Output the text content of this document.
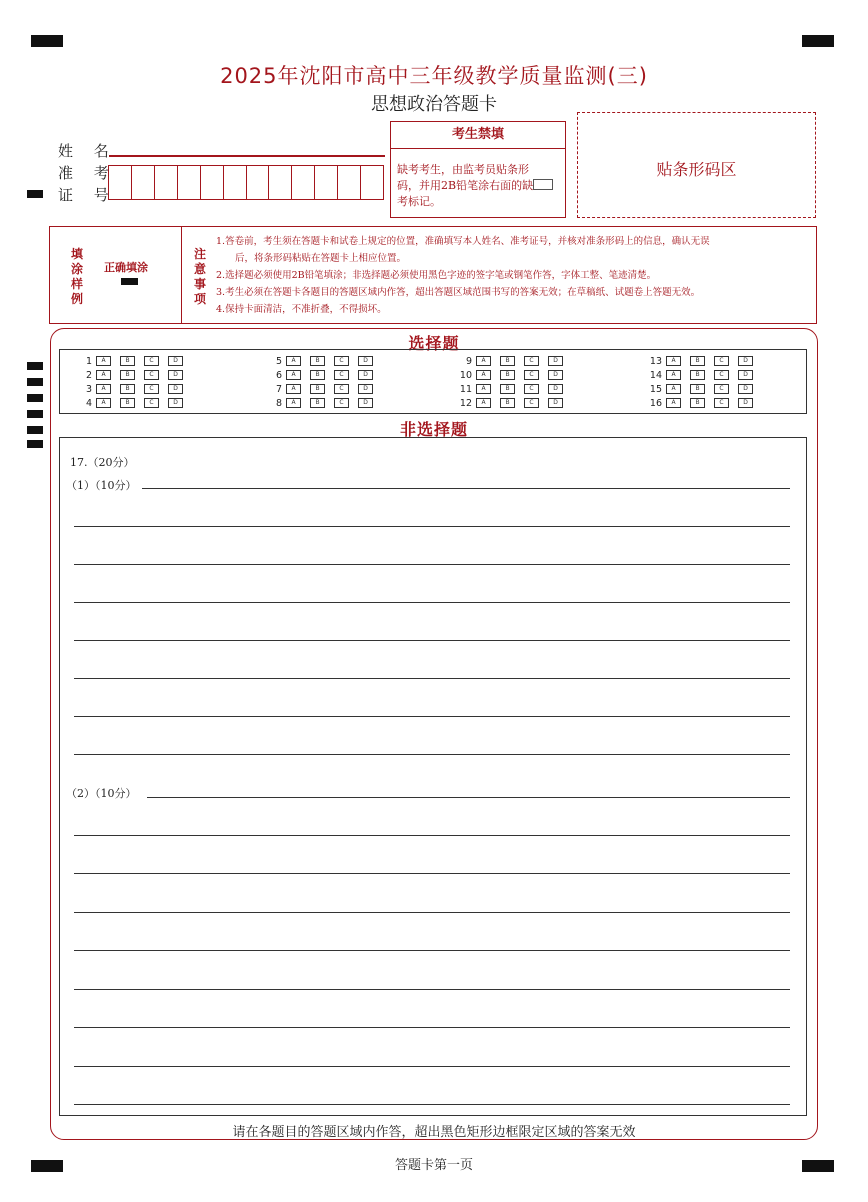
2025年沈阳市高中三年级教学质量监测(三)
思想政治答题卡
姓 名
准 考
证 号
考生禁填
缺考考生，由监考员贴条形码，并用2B铅笔涂右面的缺考标记。
贴条形码区
填涂样例
正确填涂
注意事项
1.答卷前，考生须在答题卡和试卷上规定的位置，准确填写本人姓名、准考证号，并核对准条形码上的信息，确认无误
　　后，将条形码粘贴在答题卡上相应位置。
2.选择题必须使用2B铅笔填涂；非选择题必须使用黑色字迹的签字笔或钢笔作答，字体工整、笔迹清楚。
3.考生必须在答题卡各题目的答题区域内作答，超出答题区域范围书写的答案无效；在草稿纸、试题卷上答题无效。
4.保持卡面清洁，不准折叠，不得损坏。
选择题
1	A	B	C	D
2	A	B	C	D
3	A	B	C	D
4	A	B	C	D
5	A	B	C	D
6	A	B	C	D
7	A	B	C	D
8	A	B	C	D
9	A	B	C	D
10	A	B	C	D
11	A	B	C	D
12	A	B	C	D
13	A	B	C	D
14	A	B	C	D
15	A	B	C	D
16	A	B	C	D
非选择题
17.（20分）
（1）（10分）
（2）（10分）
请在各题目的答题区域内作答，超出黑色矩形边框限定区域的答案无效
答题卡第一页
